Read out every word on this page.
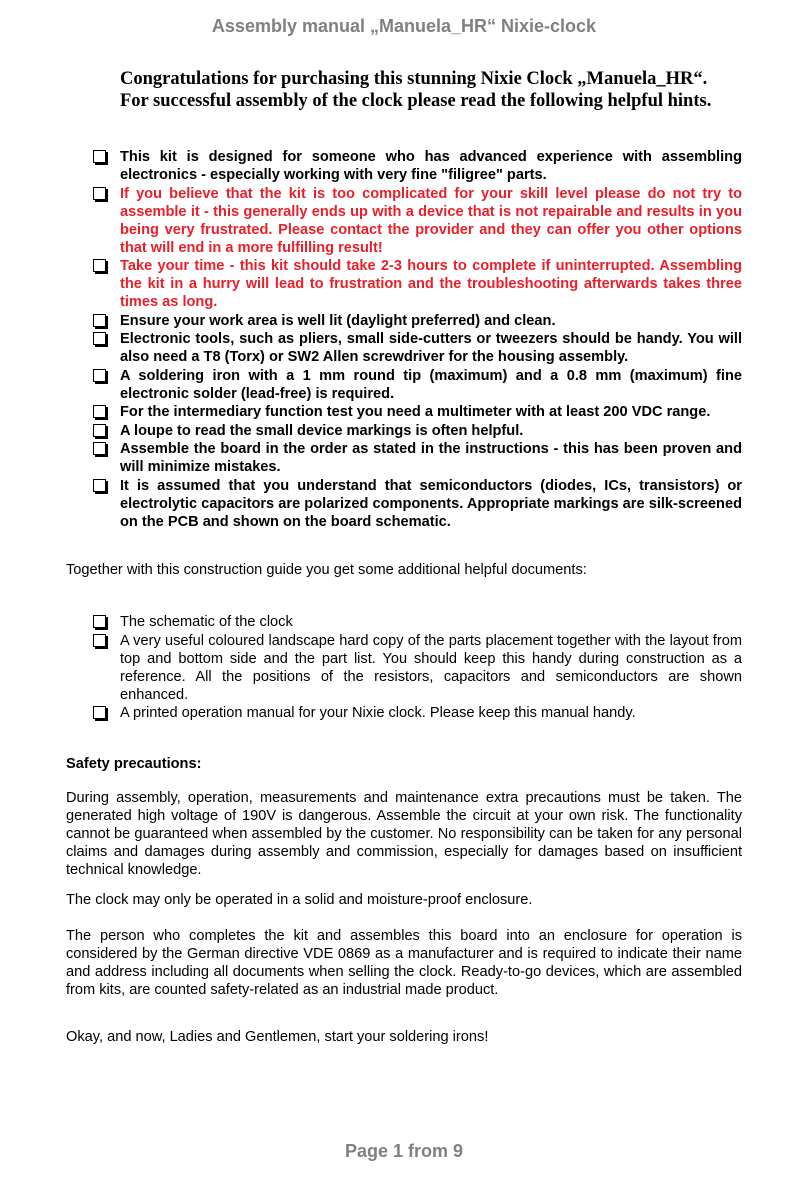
Assembly manual „Manuela_HR“ Nixie-clock
Congratulations for purchasing this stunning Nixie Clock „Manuela_HR“.
For successful assembly of the clock please read the following helpful hints.
This kit is designed for someone who has advanced experience with assembling electronics - especially working with very fine "filigree" parts.
If you believe that the kit is too complicated for your skill level please do not try to assemble it - this generally ends up with a device that is not repairable and results in you being very frustrated. Please contact the provider and they can offer you other options that will end in a more fulfilling result!
Take your time - this kit should take 2-3 hours to complete if uninterrupted. Assembling the kit in a hurry will lead to frustration and the troubleshooting afterwards takes three times as long.
Ensure your work area is well lit (daylight preferred) and clean.
Electronic tools, such as pliers, small side-cutters or tweezers should be handy. You will also need a T8 (Torx) or SW2 Allen screwdriver for the housing assembly.
A soldering iron with a 1 mm round tip (maximum) and a 0.8 mm (maximum) fine electronic solder (lead-free) is required.
For the intermediary function test you need a multimeter with at least 200 VDC range.
A loupe to read the small device markings is often helpful.
Assemble the board in the order as stated in the instructions - this has been proven and will minimize mistakes.
It is assumed that you understand that semiconductors (diodes, ICs, transistors) or electrolytic capacitors are polarized components. Appropriate markings are silk-screened on the PCB and shown on the board schematic.

Together with this construction guide you get some additional helpful documents:

The schematic of the clock
A very useful coloured landscape hard copy of the parts placement together with the layout from top and bottom side and the part list. You should keep this handy during construction as a reference. All the positions of the resistors, capacitors and semiconductors are shown enhanced.
A printed operation manual for your Nixie clock. Please keep this manual handy.

Safety precautions:

During assembly, operation, measurements and maintenance extra precautions must be taken. The generated high voltage of 190V is dangerous. Assemble the circuit at your own risk. The functionality cannot be guaranteed when assembled by the customer. No responsibility can be taken for any personal claims and damages during assembly and commission, especially for damages based on insufficient technical knowledge.

The clock may only be operated in a solid and moisture-proof enclosure.

The person who completes the kit and assembles this board into an enclosure for operation is considered by the German directive VDE 0869 as a manufacturer and is required to indicate their name and address including all documents when selling the clock. Ready-to-go devices, which are assembled from kits, are counted safety-related as an industrial made product.

Okay, and now, Ladies and Gentlemen, start your soldering irons!

Page 1 from 9
